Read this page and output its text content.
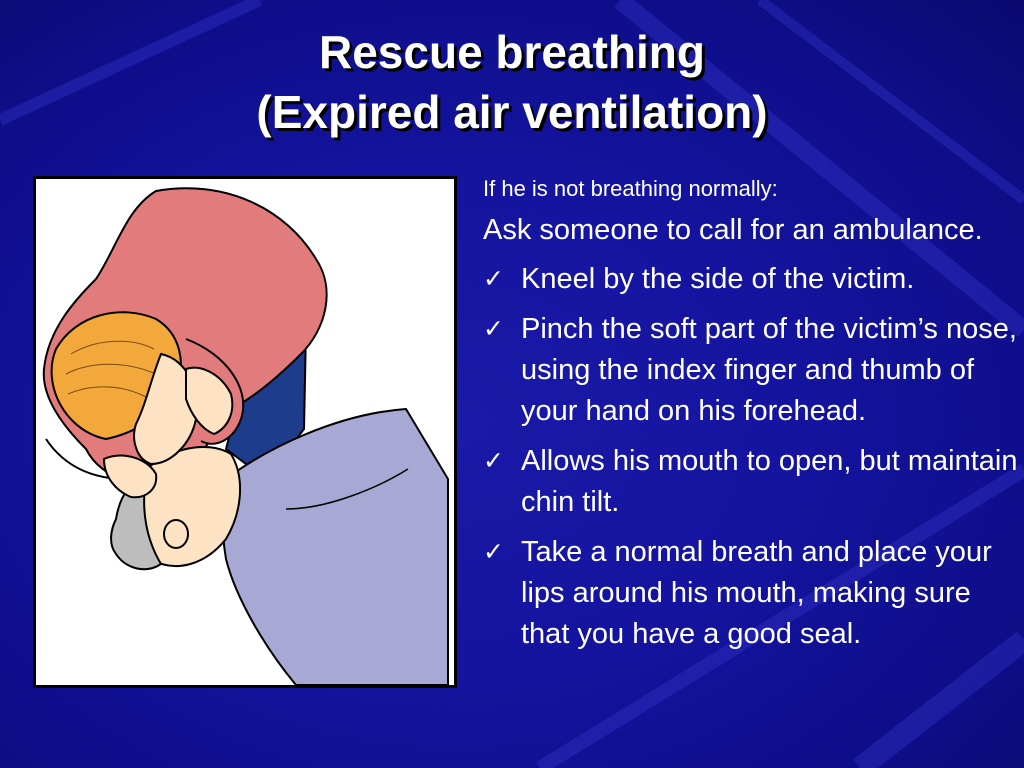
Rescue breathing
(Expired air ventilation)

If he is not breathing normally:

Ask someone to call for an ambulance.

✓ Kneel by the side of the victim.
✓ Pinch the soft part of the victim’s nose, using the index finger and thumb of your hand on his forehead.
✓ Allows his mouth to open, but maintain chin tilt.
✓ Take a normal breath and place your lips around his mouth, making sure that you have a good seal.
